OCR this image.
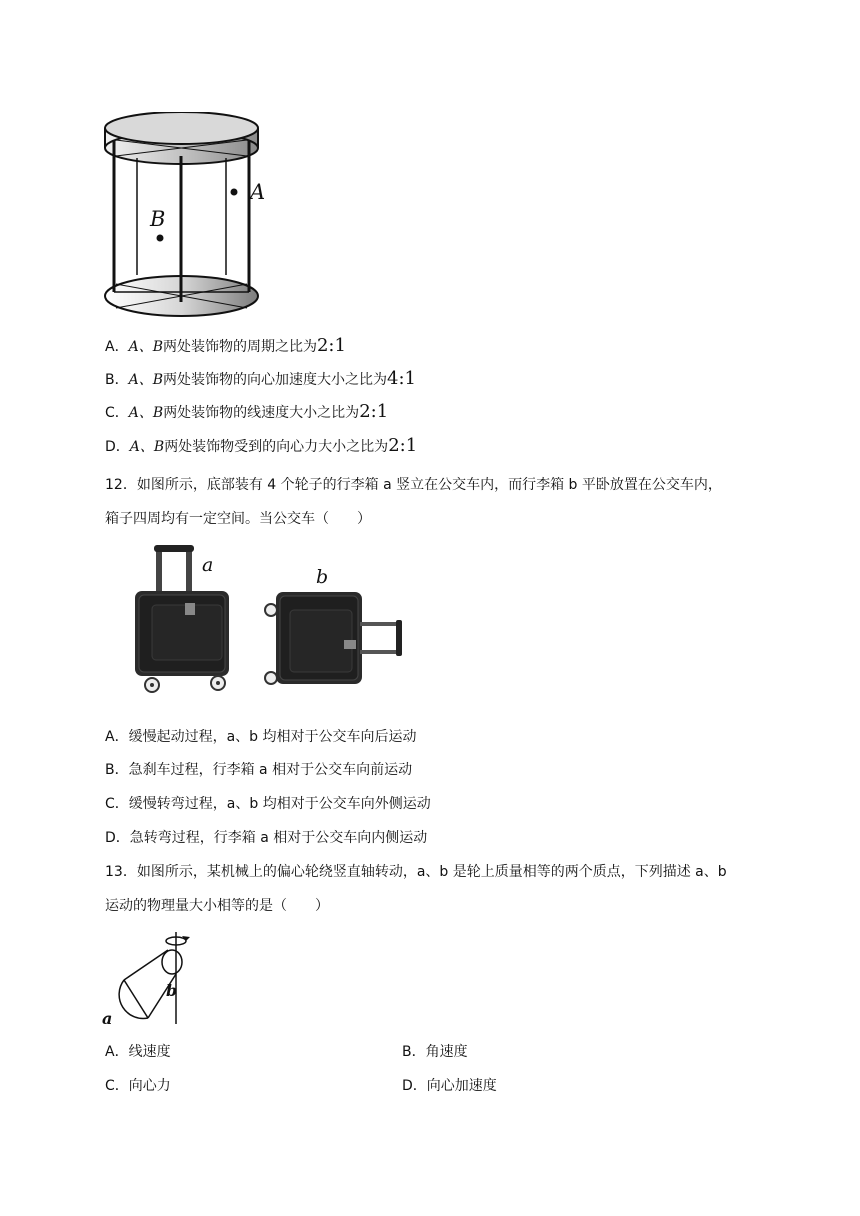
A
B
A．A、B两处装饰物的周期之比为2:1
B．A、B两处装饰物的向心加速度大小之比为4:1
C．A、B两处装饰物的线速度大小之比为2:1
D．A、B两处装饰物受到的向心力大小之比为2:1
12．如图所示，底部装有 4 个轮子的行李箱 a 竖立在公交车内，而行李箱 b 平卧放置在公交车内，
箱子四周均有一定空间。当公交车（　　）
a
b
A．缓慢起动过程，a、b 均相对于公交车向后运动
B．急刹车过程，行李箱 a 相对于公交车向前运动
C．缓慢转弯过程，a、b 均相对于公交车向外侧运动
D．急转弯过程，行李箱 a 相对于公交车向内侧运动
13．如图所示，某机械上的偏心轮绕竖直轴转动，a、b 是轮上质量相等的两个质点，下列描述 a、b
运动的物理量大小相等的是（　　）
b
a
A．线速度	B．角速度
C．向心力	D．向心加速度
